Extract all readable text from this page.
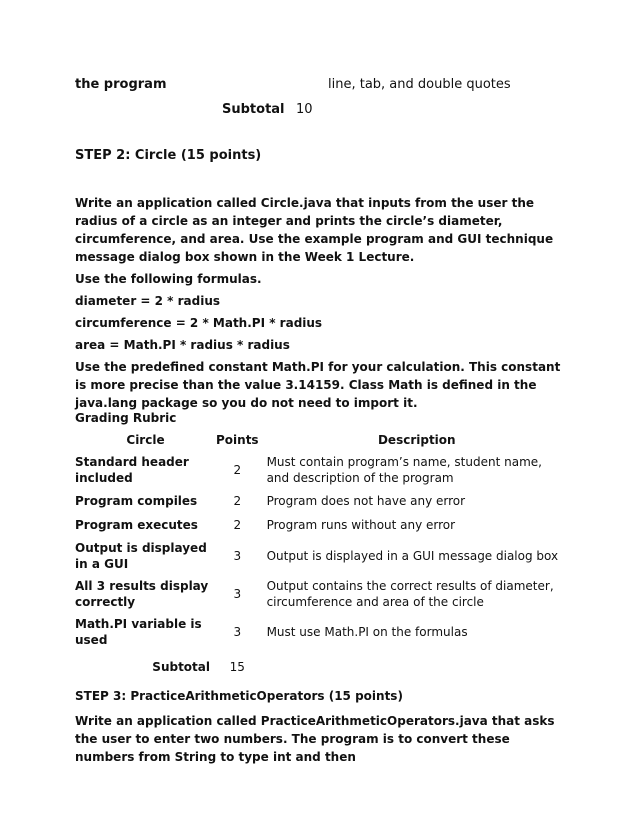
the program	line, tab, and double quotes
Subtotal 10
STEP 2: Circle (15 points)

Write an application called Circle.java that inputs from the user the radius of a circle as an integer and prints the circle’s diameter, circumference, and area. Use the example program and GUI technique message dialog box shown in the Week 1 Lecture.

Use the following formulas.

diameter = 2 * radius

circumference = 2 * Math.PI * radius

area = Math.PI * radius * radius

Use the predefined constant Math.PI for your calculation. This constant is more precise than the value 3.14159. Class Math is defined in the java.lang package so you do not need to import it.

Grading Rubric
Circle	Points	Description
Standard header included	2	Must contain program’s name, student name, and description of the program
Program compiles	2	Program does not have any error
Program executes	2	Program runs without any error
Output is displayed in a GUI	3	Output is displayed in a GUI message dialog box
All 3 results display correctly	3	Output contains the correct results of diameter, circumference and area of the circle
Math.PI variable is used	3	Must use Math.PI on the formulas
Subtotal	15	
STEP 3: PracticeArithmeticOperators (15 points)
Write an application called PracticeArithmeticOperators.java that asks the user to enter two numbers. The program is to convert these numbers from String to type int and then
